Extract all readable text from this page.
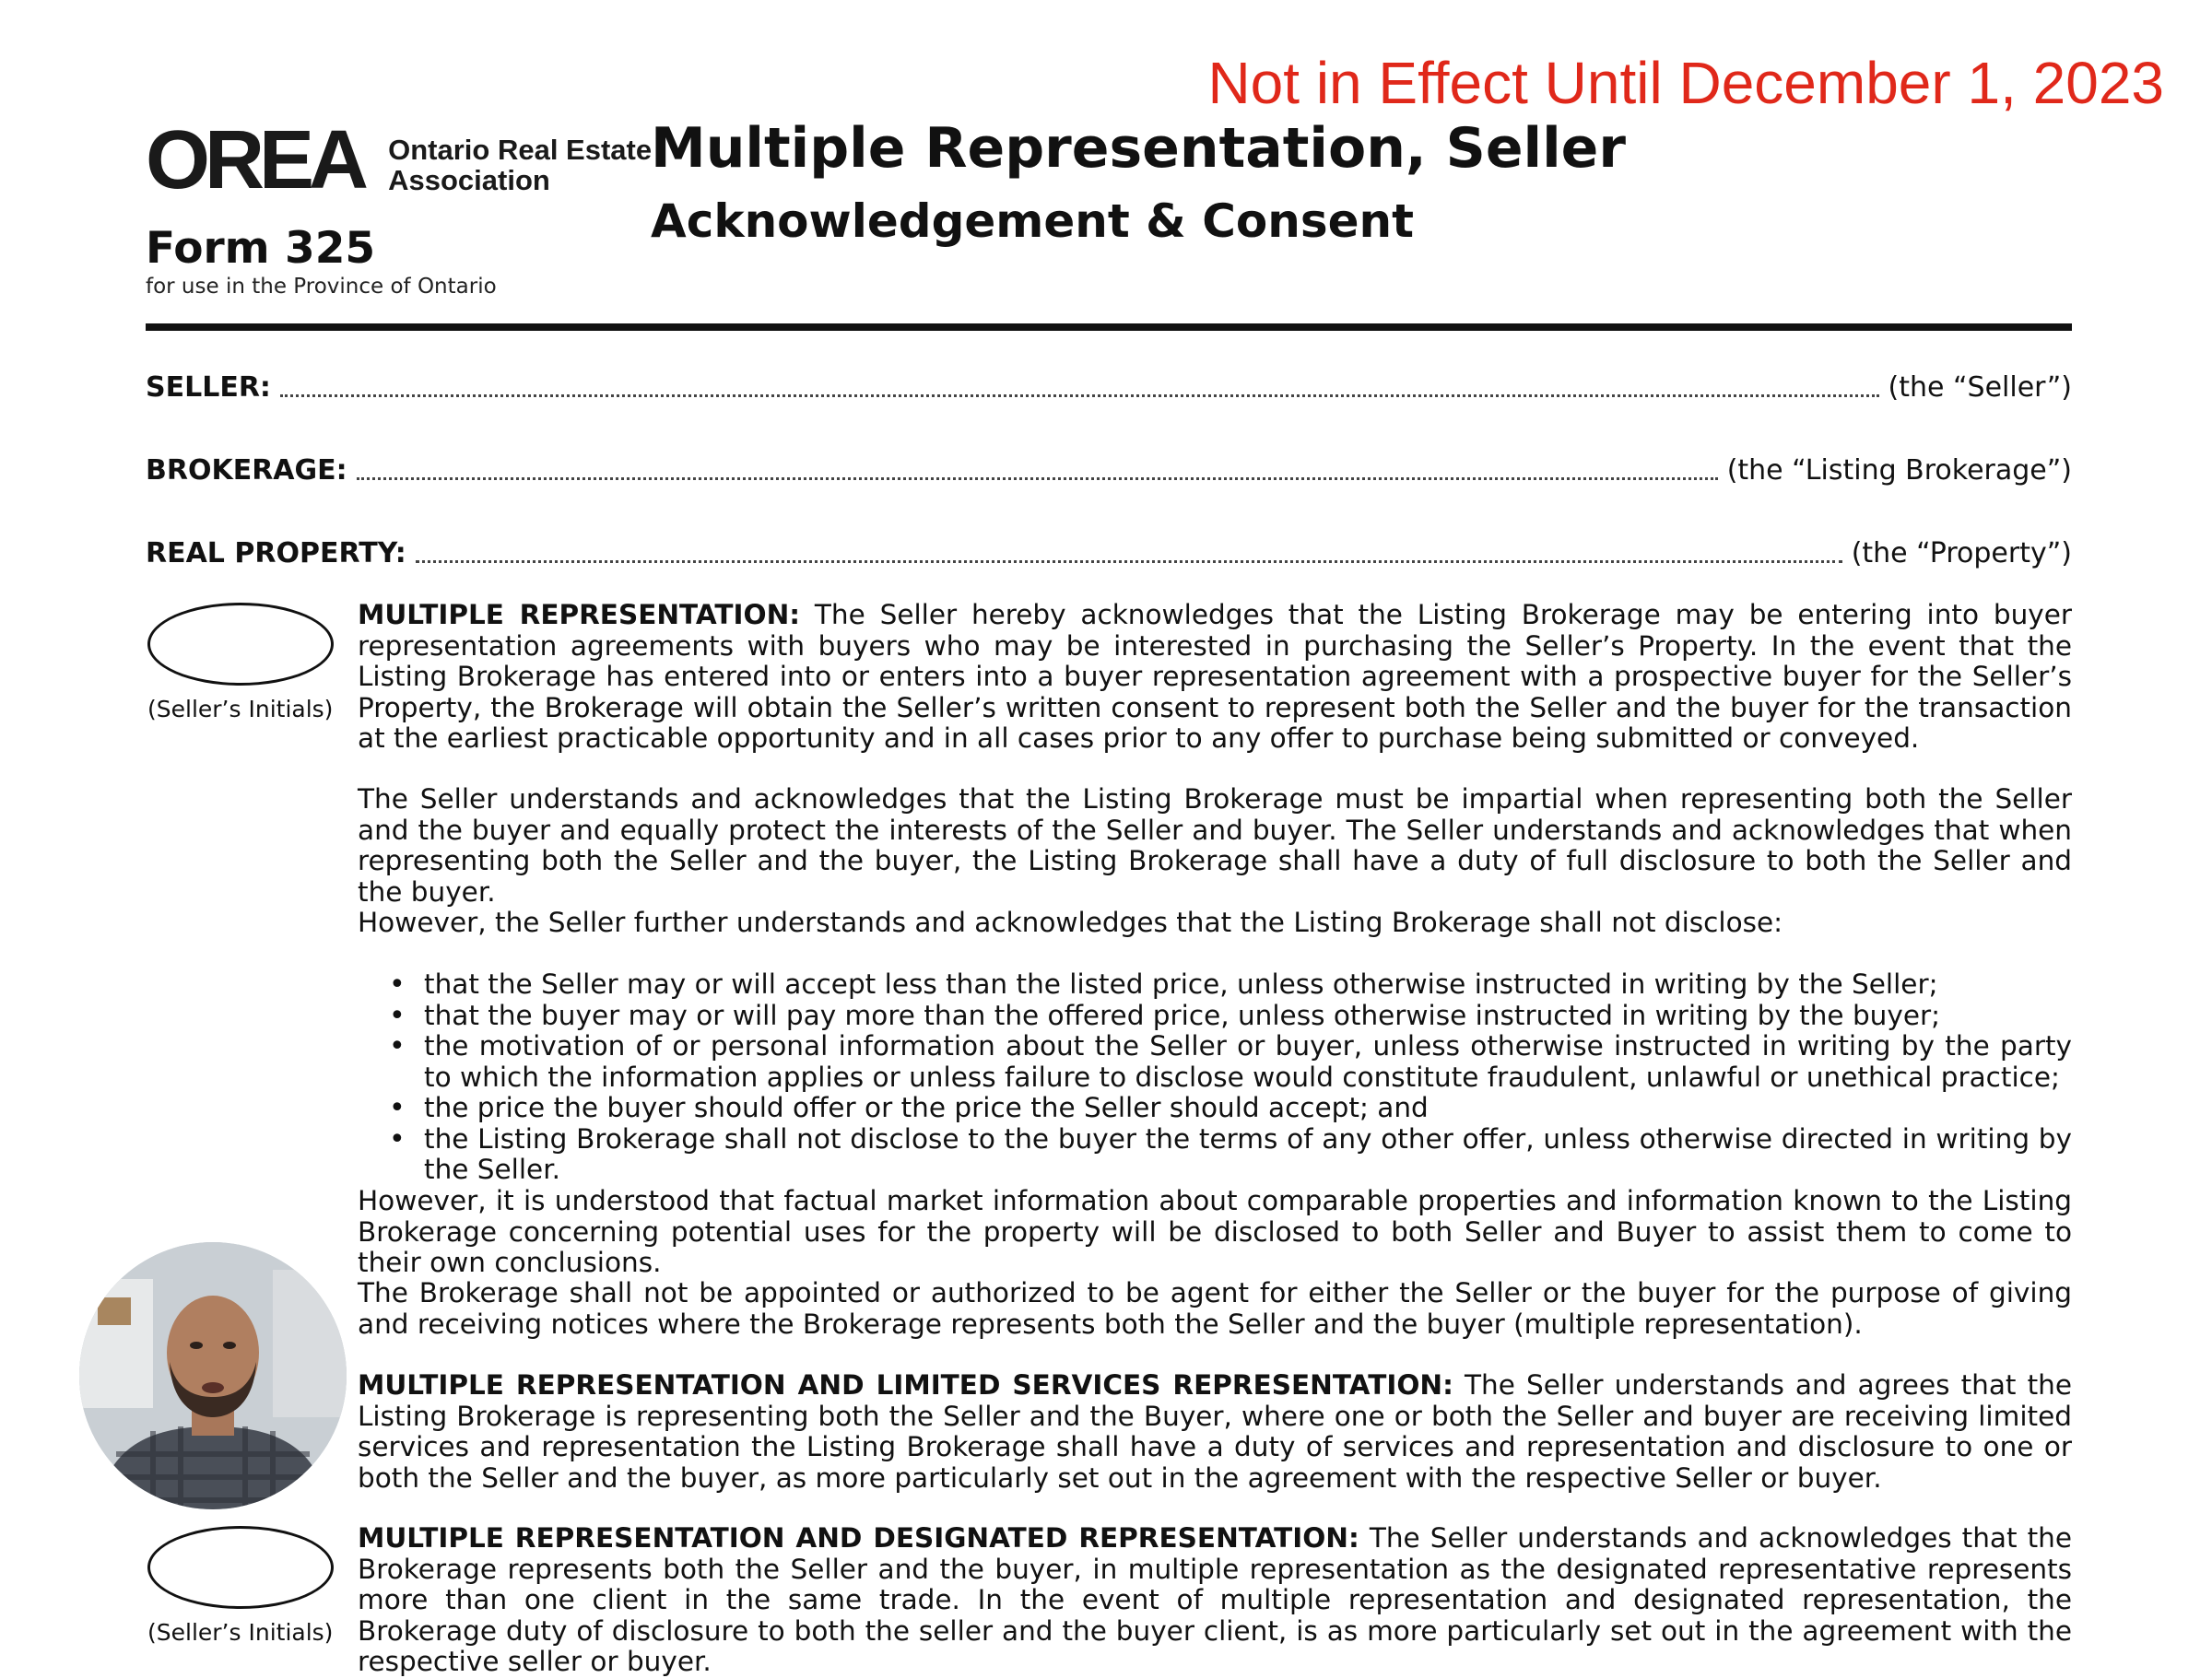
Not in Effect Until December 1, 2023
OREA Ontario Real Estate
Association
Form 325
for use in the Province of Ontario
Multiple Representation, Seller
Acknowledgement & Consent
SELLER:	(the “Seller”)
BROKERAGE:	(the “Listing Brokerage”)
REAL PROPERTY:	(the “Property”)
(Seller’s Initials)
MULTIPLE REPRESENTATION: The Seller hereby acknowledges that the Listing Brokerage may be entering into buyer representation agreements with buyers who may be interested in purchasing the Seller’s Property. In the event that the Listing Brokerage has entered into or enters into a buyer representation agreement with a prospective buyer for the Seller’s Property, the Brokerage will obtain the Seller’s written consent to represent both the Seller and the buyer for the transaction at the earliest practicable opportunity and in all cases prior to any offer to purchase being submitted or conveyed.
The Seller understands and acknowledges that the Listing Brokerage must be impartial when representing both the Seller and the buyer and equally protect the interests of the Seller and buyer. The Seller understands and acknowledges that when representing both the Seller and the buyer, the Listing Brokerage shall have a duty of full disclosure to both the Seller and the buyer.
However, the Seller further understands and acknowledges that the Listing Brokerage shall not disclose:
• that the Seller may or will accept less than the listed price, unless otherwise instructed in writing by the Seller;
• that the buyer may or will pay more than the offered price, unless otherwise instructed in writing by the buyer;
• the motivation of or personal information about the Seller or buyer, unless otherwise instructed in writing by the party to which the information applies or unless failure to disclose would constitute fraudulent, unlawful or unethical practice;
• the price the buyer should offer or the price the Seller should accept; and
• the Listing Brokerage shall not disclose to the buyer the terms of any other offer, unless otherwise directed in writing by the Seller.
However, it is understood that factual market information about comparable properties and information known to the Listing Brokerage concerning potential uses for the property will be disclosed to both Seller and Buyer to assist them to come to their own conclusions.
The Brokerage shall not be appointed or authorized to be agent for either the Seller or the buyer for the purpose of giving and receiving notices where the Brokerage represents both the Seller and the buyer (multiple representation).
MULTIPLE REPRESENTATION AND LIMITED SERVICES REPRESENTATION: The Seller understands and agrees that the Listing Brokerage is representing both the Seller and the Buyer, where one or both the Seller and buyer are receiving limited services and representation the Listing Brokerage shall have a duty of services and representation and disclosure to one or both the Seller and the buyer, as more particularly set out in the agreement with the respective Seller or buyer.
(Seller’s Initials)
MULTIPLE REPRESENTATION AND DESIGNATED REPRESENTATION: The Seller understands and acknowledges that the Brokerage represents both the Seller and the buyer, in multiple representation as the designated representative represents more than one client in the same trade. In the event of multiple representation and designated representation, the Brokerage duty of disclosure to both the seller and the buyer client, is as more particularly set out in the agreement with the respective seller or buyer.
